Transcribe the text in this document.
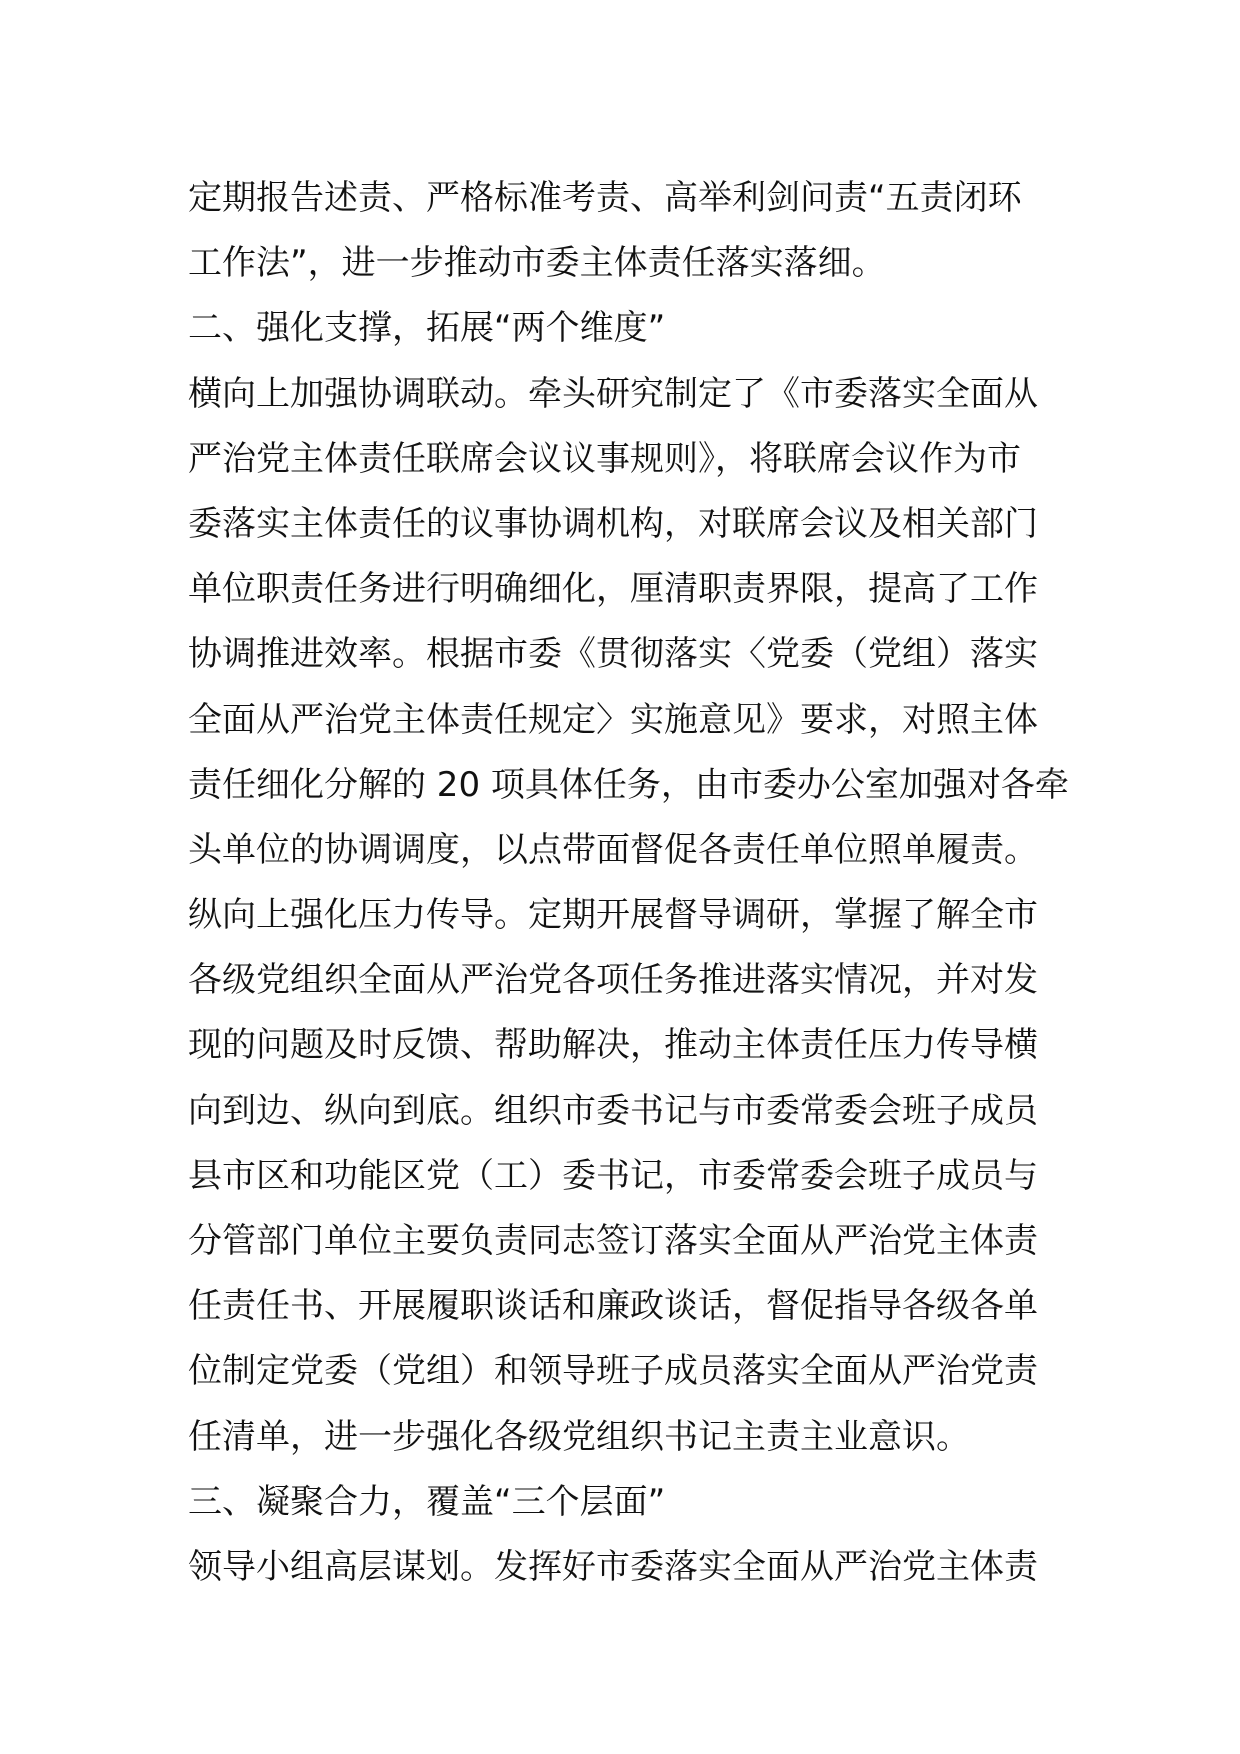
定期报告述责、严格标准考责、高举利剑问责“五责闭环
工作法”，进一步推动市委主体责任落实落细。
二、强化支撑，拓展“两个维度”
横向上加强协调联动。牵头研究制定了《市委落实全面从
严治党主体责任联席会议议事规则》，将联席会议作为市
委落实主体责任的议事协调机构，对联席会议及相关部门
单位职责任务进行明确细化，厘清职责界限，提高了工作
协调推进效率。根据市委《贯彻落实〈党委（党组）落实
全面从严治党主体责任规定〉实施意见》要求，对照主体
责任细化分解的 20 项具体任务，由市委办公室加强对各牵
头单位的协调调度，以点带面督促各责任单位照单履责。
纵向上强化压力传导。定期开展督导调研，掌握了解全市
各级党组织全面从严治党各项任务推进落实情况，并对发
现的问题及时反馈、帮助解决，推动主体责任压力传导横
向到边、纵向到底。组织市委书记与市委常委会班子成员
县市区和功能区党（工）委书记，市委常委会班子成员与
分管部门单位主要负责同志签订落实全面从严治党主体责
任责任书、开展履职谈话和廉政谈话，督促指导各级各单
位制定党委（党组）和领导班子成员落实全面从严治党责
任清单，进一步强化各级党组织书记主责主业意识。
三、凝聚合力，覆盖“三个层面”
领导小组高层谋划。发挥好市委落实全面从严治党主体责
